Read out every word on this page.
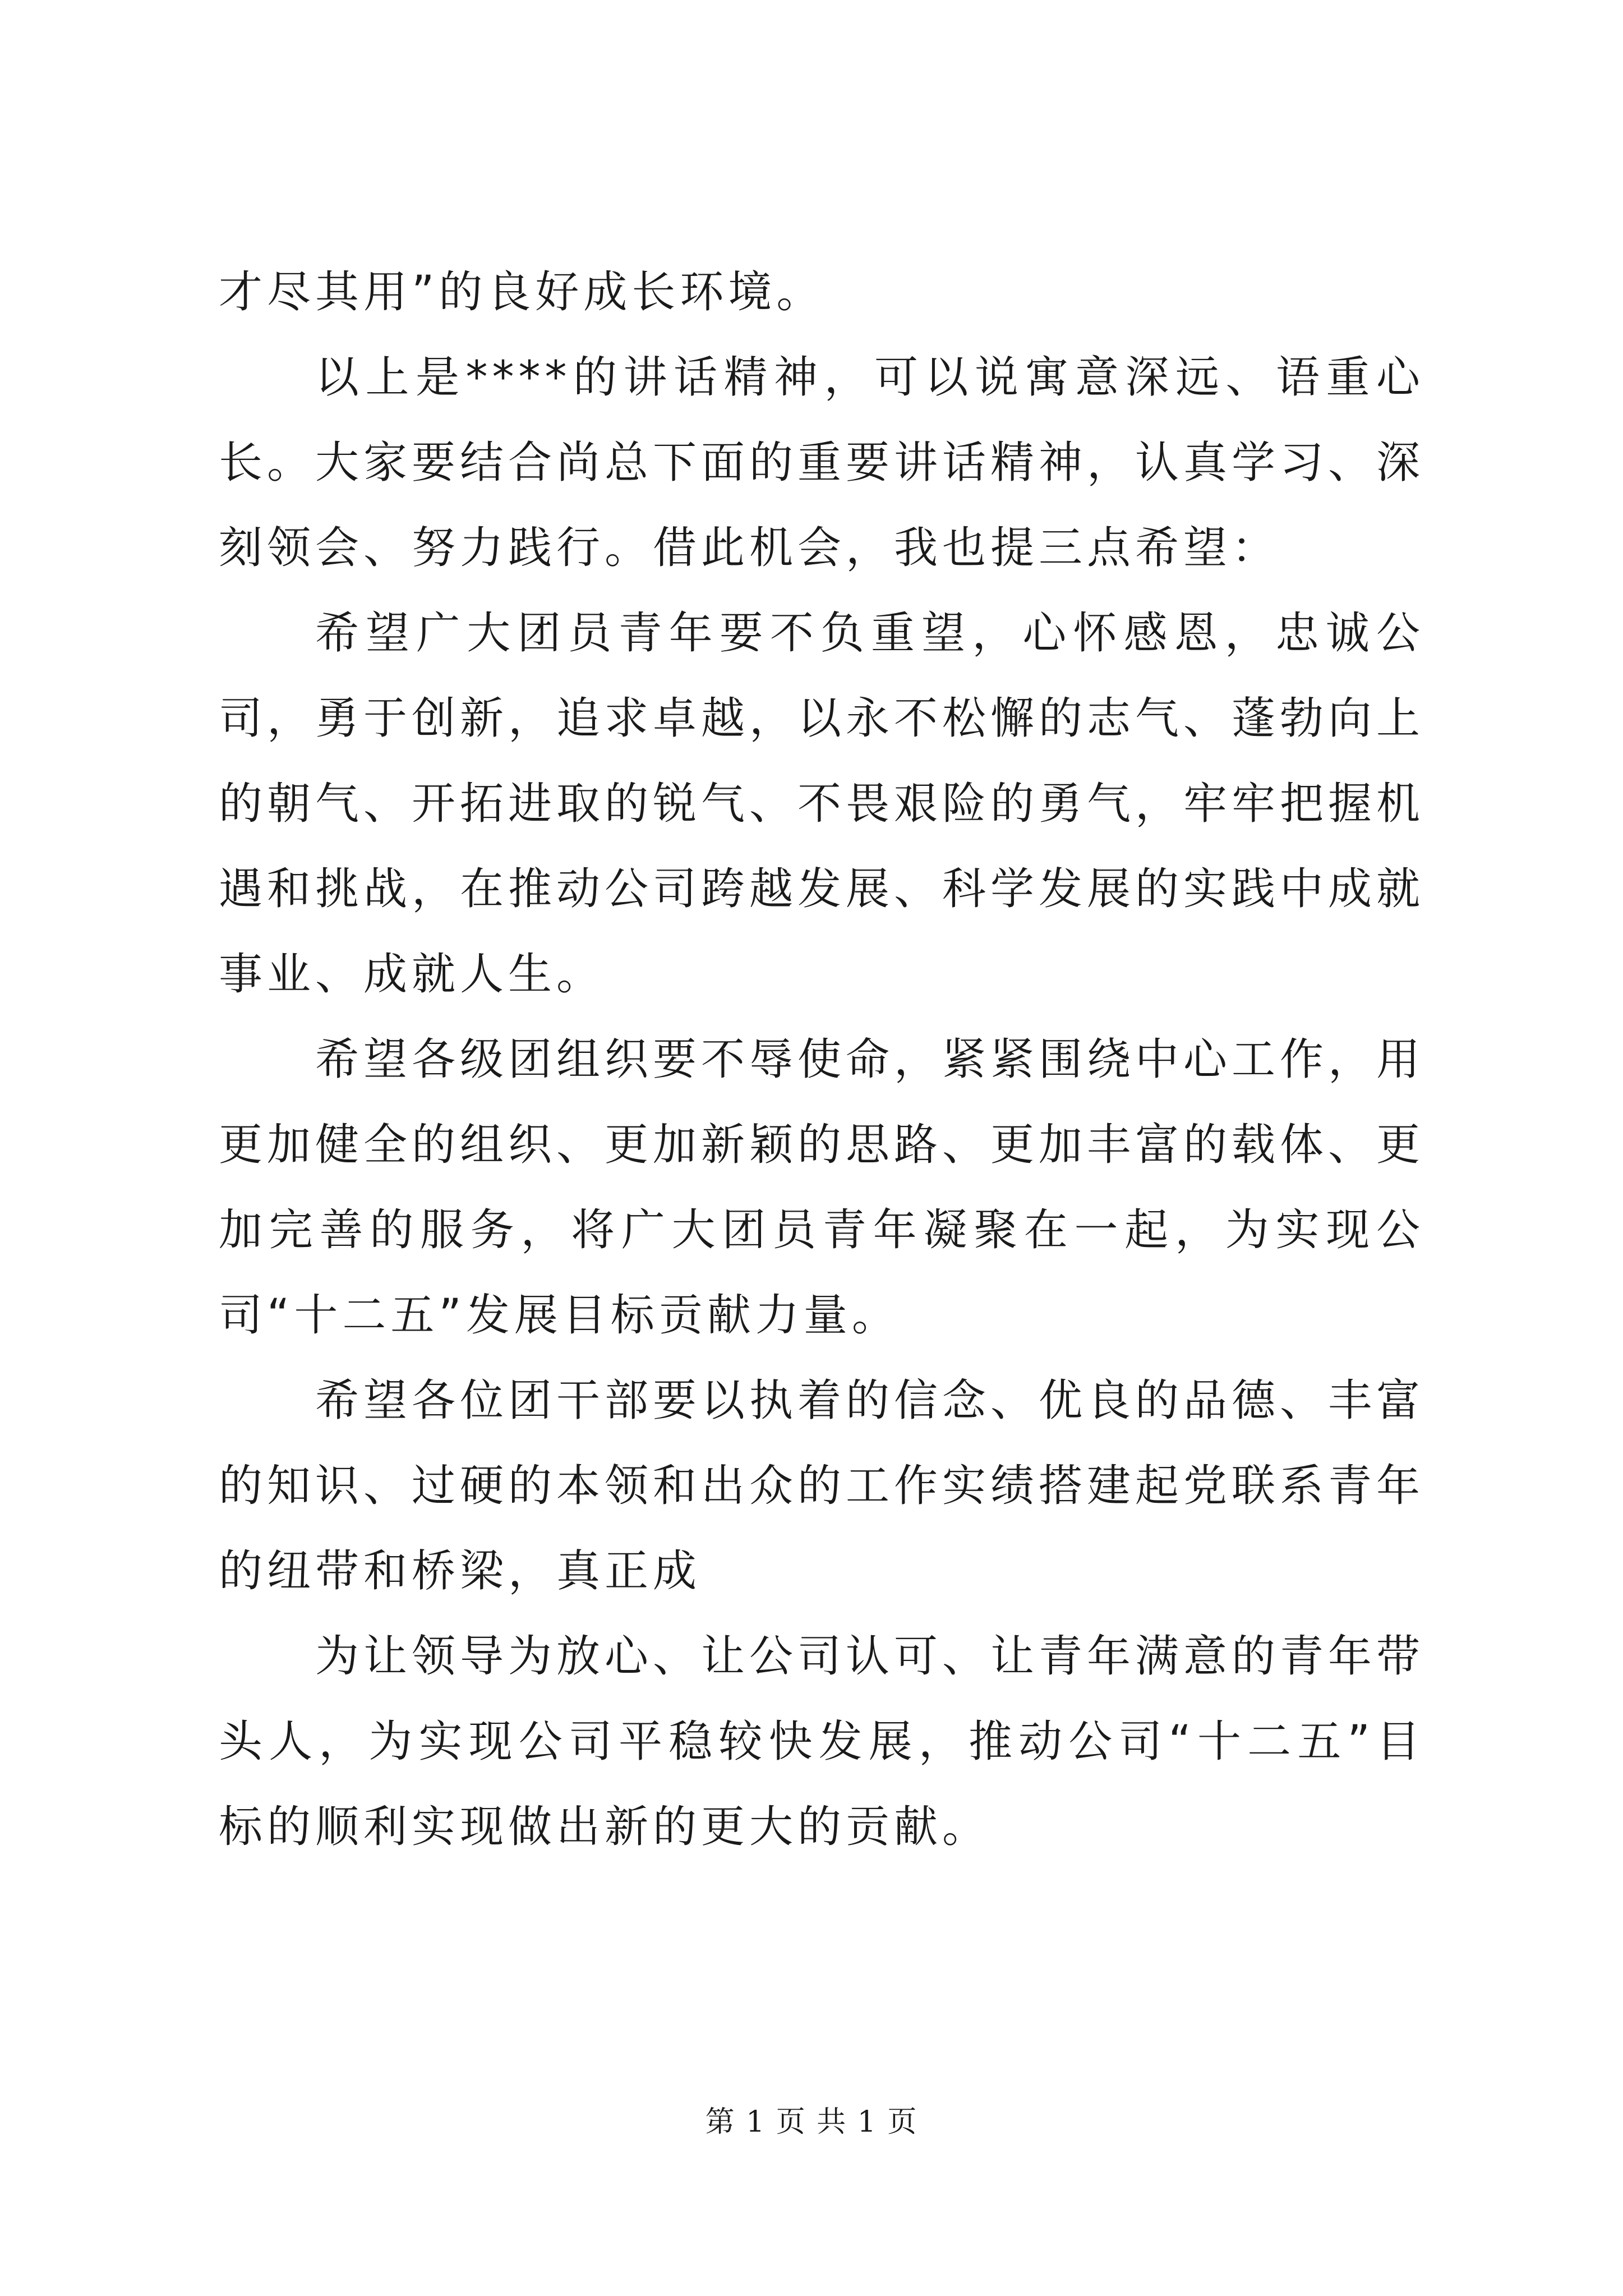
才尽其用”的良好成长环境。

以上是****的讲话精神，可以说寓意深远、语重心长。大家要结合尚总下面的重要讲话精神，认真学习、深刻领会、努力践行。借此机会，我也提三点希望：

希望广大团员青年要不负重望，心怀感恩，忠诚公司，勇于创新，追求卓越，以永不松懈的志气、蓬勃向上的朝气、开拓进取的锐气、不畏艰险的勇气，牢牢把握机遇和挑战，在推动公司跨越发展、科学发展的实践中成就事业、成就人生。

希望各级团组织要不辱使命，紧紧围绕中心工作，用更加健全的组织、更加新颖的思路、更加丰富的载体、更加完善的服务，将广大团员青年凝聚在一起，为实现公司“十二五”发展目标贡献力量。

希望各位团干部要以执着的信念、优良的品德、丰富的知识、过硬的本领和出众的工作实绩搭建起党联系青年的纽带和桥梁，真正成

为让领导为放心、让公司认可、让青年满意的青年带头人，为实现公司平稳较快发展，推动公司“十二五”目标的顺利实现做出新的更大的贡献。

第 1 页 共 1 页
